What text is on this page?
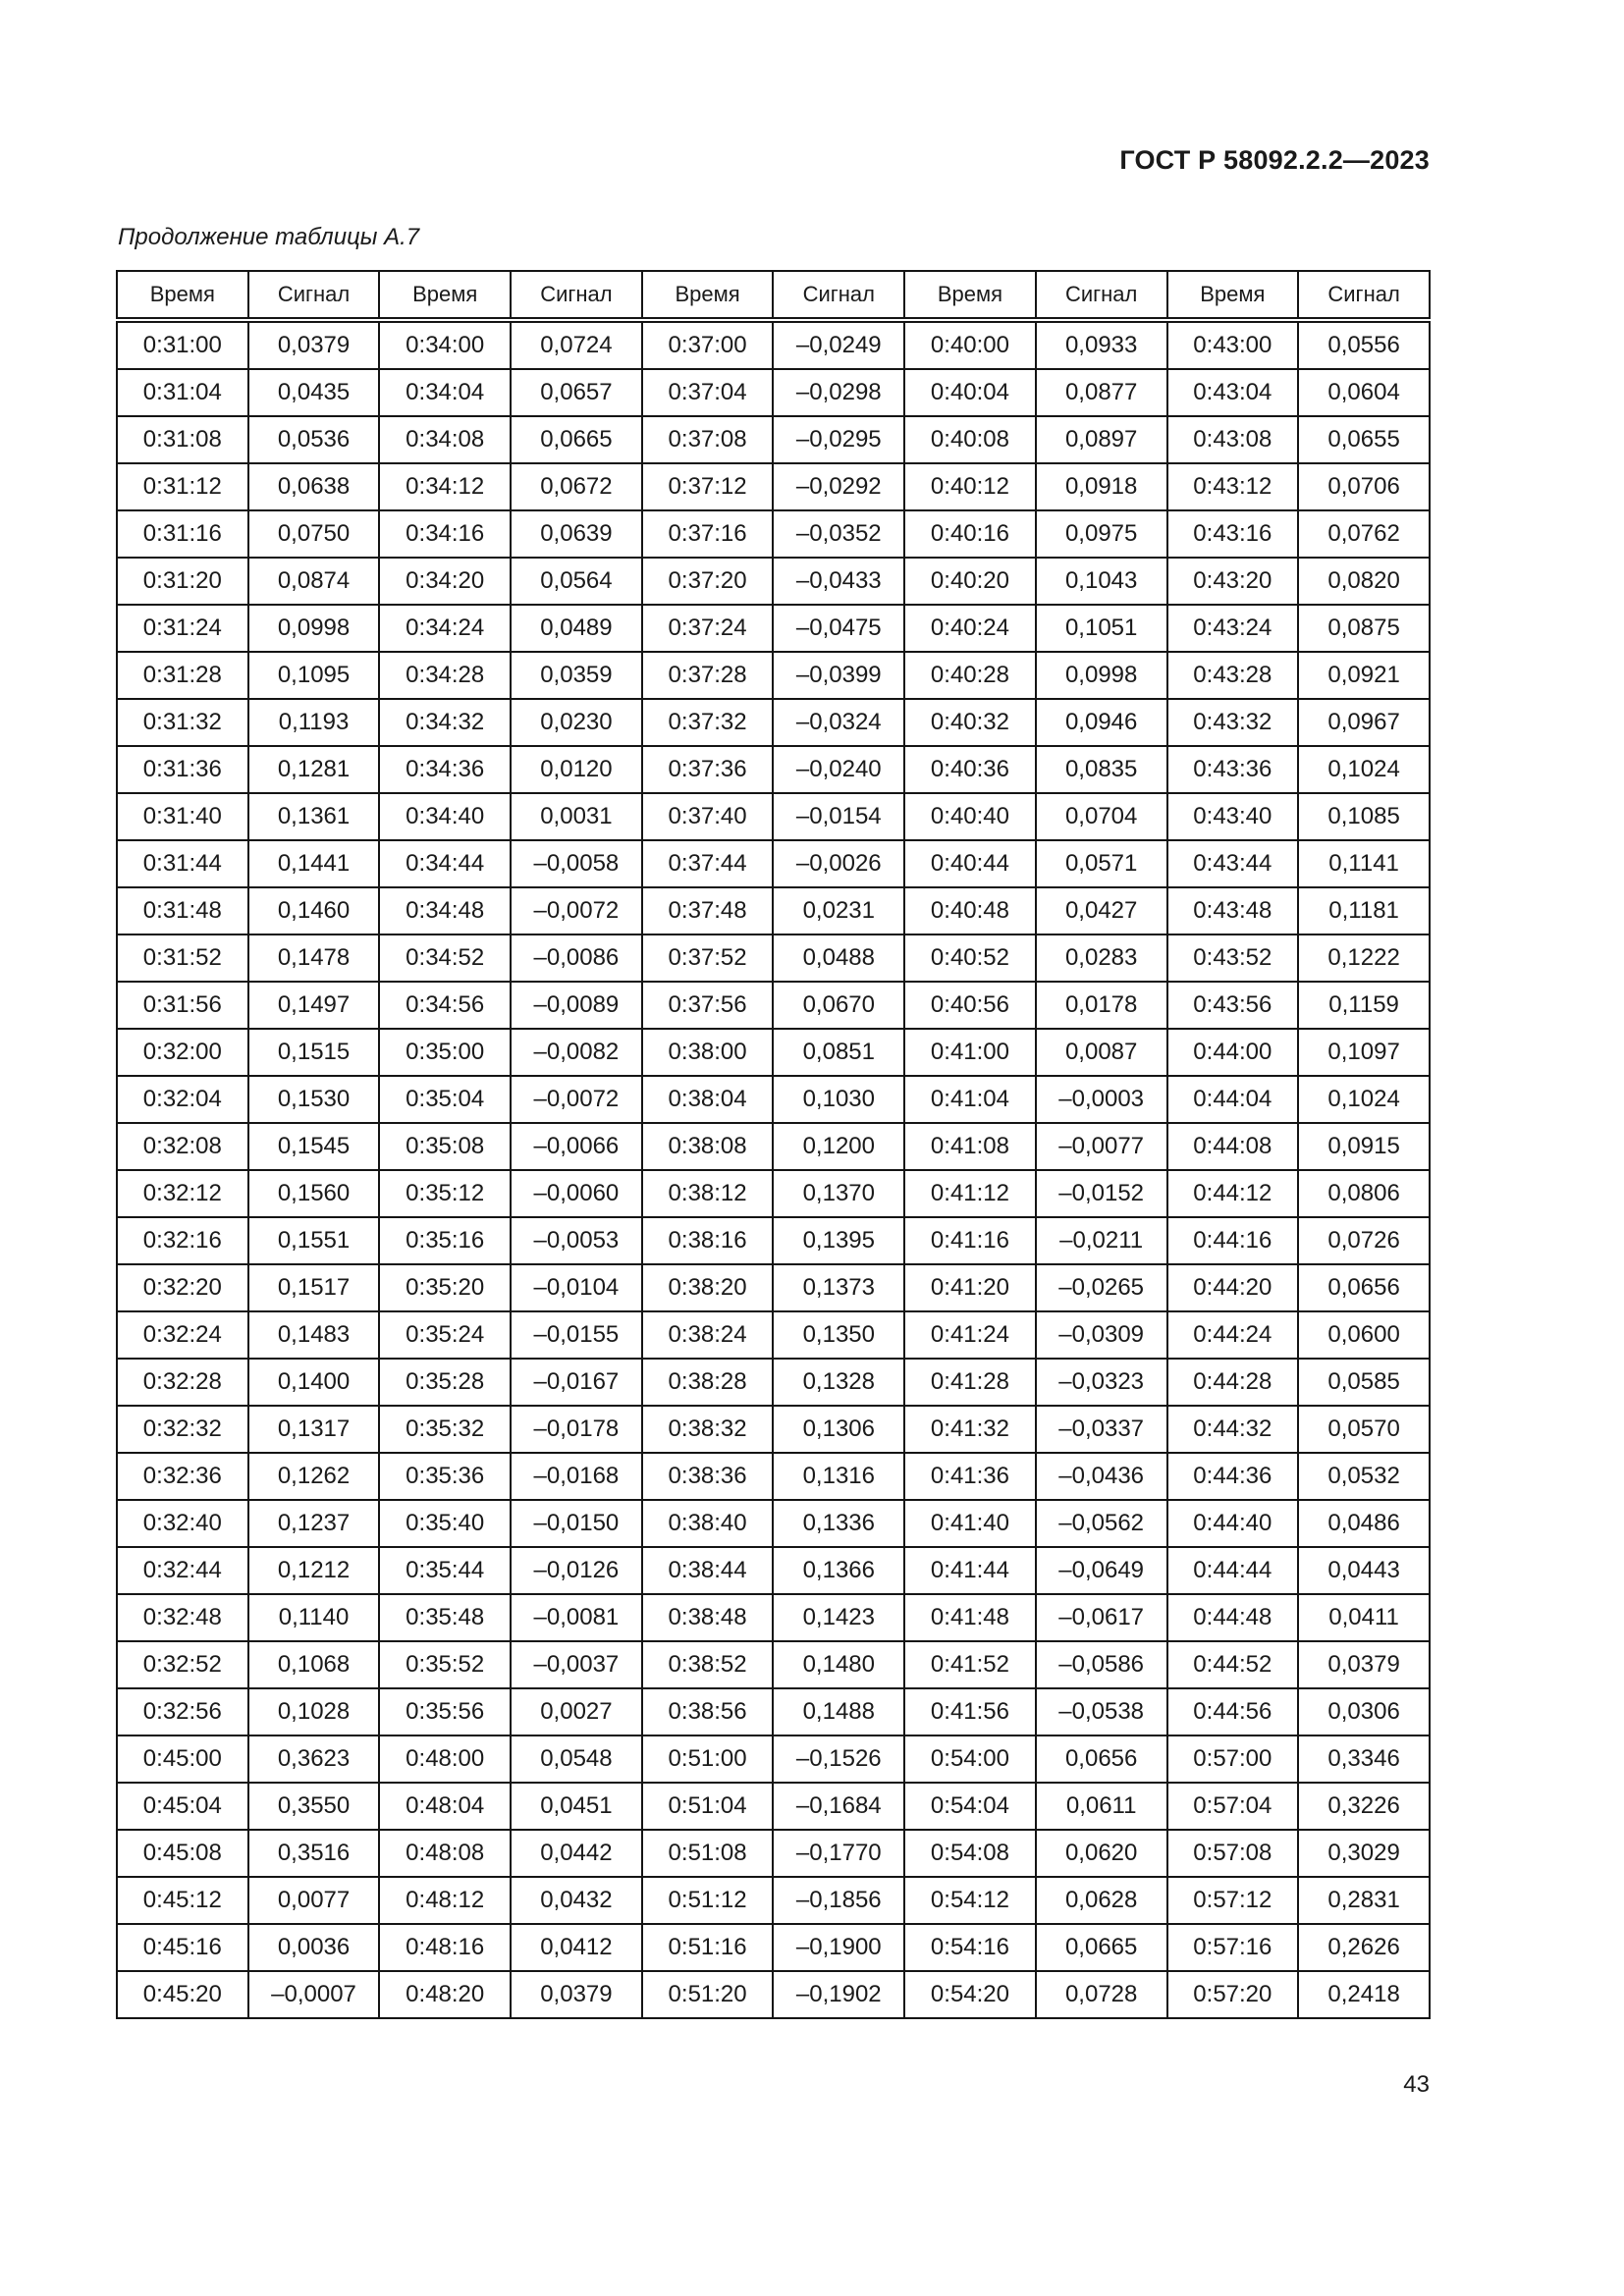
ГОСТ Р 58092.2.2—2023
Продолжение таблицы А.7
Время	Сигнал	Время	Сигнал	Время	Сигнал	Время	Сигнал	Время	Сигнал
0:31:00	0,0379	0:34:00	0,0724	0:37:00	–0,0249	0:40:00	0,0933	0:43:00	0,0556
0:31:04	0,0435	0:34:04	0,0657	0:37:04	–0,0298	0:40:04	0,0877	0:43:04	0,0604
0:31:08	0,0536	0:34:08	0,0665	0:37:08	–0,0295	0:40:08	0,0897	0:43:08	0,0655
0:31:12	0,0638	0:34:12	0,0672	0:37:12	–0,0292	0:40:12	0,0918	0:43:12	0,0706
0:31:16	0,0750	0:34:16	0,0639	0:37:16	–0,0352	0:40:16	0,0975	0:43:16	0,0762
0:31:20	0,0874	0:34:20	0,0564	0:37:20	–0,0433	0:40:20	0,1043	0:43:20	0,0820
0:31:24	0,0998	0:34:24	0,0489	0:37:24	–0,0475	0:40:24	0,1051	0:43:24	0,0875
0:31:28	0,1095	0:34:28	0,0359	0:37:28	–0,0399	0:40:28	0,0998	0:43:28	0,0921
0:31:32	0,1193	0:34:32	0,0230	0:37:32	–0,0324	0:40:32	0,0946	0:43:32	0,0967
0:31:36	0,1281	0:34:36	0,0120	0:37:36	–0,0240	0:40:36	0,0835	0:43:36	0,1024
0:31:40	0,1361	0:34:40	0,0031	0:37:40	–0,0154	0:40:40	0,0704	0:43:40	0,1085
0:31:44	0,1441	0:34:44	–0,0058	0:37:44	–0,0026	0:40:44	0,0571	0:43:44	0,1141
0:31:48	0,1460	0:34:48	–0,0072	0:37:48	0,0231	0:40:48	0,0427	0:43:48	0,1181
0:31:52	0,1478	0:34:52	–0,0086	0:37:52	0,0488	0:40:52	0,0283	0:43:52	0,1222
0:31:56	0,1497	0:34:56	–0,0089	0:37:56	0,0670	0:40:56	0,0178	0:43:56	0,1159
0:32:00	0,1515	0:35:00	–0,0082	0:38:00	0,0851	0:41:00	0,0087	0:44:00	0,1097
0:32:04	0,1530	0:35:04	–0,0072	0:38:04	0,1030	0:41:04	–0,0003	0:44:04	0,1024
0:32:08	0,1545	0:35:08	–0,0066	0:38:08	0,1200	0:41:08	–0,0077	0:44:08	0,0915
0:32:12	0,1560	0:35:12	–0,0060	0:38:12	0,1370	0:41:12	–0,0152	0:44:12	0,0806
0:32:16	0,1551	0:35:16	–0,0053	0:38:16	0,1395	0:41:16	–0,0211	0:44:16	0,0726
0:32:20	0,1517	0:35:20	–0,0104	0:38:20	0,1373	0:41:20	–0,0265	0:44:20	0,0656
0:32:24	0,1483	0:35:24	–0,0155	0:38:24	0,1350	0:41:24	–0,0309	0:44:24	0,0600
0:32:28	0,1400	0:35:28	–0,0167	0:38:28	0,1328	0:41:28	–0,0323	0:44:28	0,0585
0:32:32	0,1317	0:35:32	–0,0178	0:38:32	0,1306	0:41:32	–0,0337	0:44:32	0,0570
0:32:36	0,1262	0:35:36	–0,0168	0:38:36	0,1316	0:41:36	–0,0436	0:44:36	0,0532
0:32:40	0,1237	0:35:40	–0,0150	0:38:40	0,1336	0:41:40	–0,0562	0:44:40	0,0486
0:32:44	0,1212	0:35:44	–0,0126	0:38:44	0,1366	0:41:44	–0,0649	0:44:44	0,0443
0:32:48	0,1140	0:35:48	–0,0081	0:38:48	0,1423	0:41:48	–0,0617	0:44:48	0,0411
0:32:52	0,1068	0:35:52	–0,0037	0:38:52	0,1480	0:41:52	–0,0586	0:44:52	0,0379
0:32:56	0,1028	0:35:56	0,0027	0:38:56	0,1488	0:41:56	–0,0538	0:44:56	0,0306
0:45:00	0,3623	0:48:00	0,0548	0:51:00	–0,1526	0:54:00	0,0656	0:57:00	0,3346
0:45:04	0,3550	0:48:04	0,0451	0:51:04	–0,1684	0:54:04	0,0611	0:57:04	0,3226
0:45:08	0,3516	0:48:08	0,0442	0:51:08	–0,1770	0:54:08	0,0620	0:57:08	0,3029
0:45:12	0,0077	0:48:12	0,0432	0:51:12	–0,1856	0:54:12	0,0628	0:57:12	0,2831
0:45:16	0,0036	0:48:16	0,0412	0:51:16	–0,1900	0:54:16	0,0665	0:57:16	0,2626
0:45:20	–0,0007	0:48:20	0,0379	0:51:20	–0,1902	0:54:20	0,0728	0:57:20	0,2418
43
